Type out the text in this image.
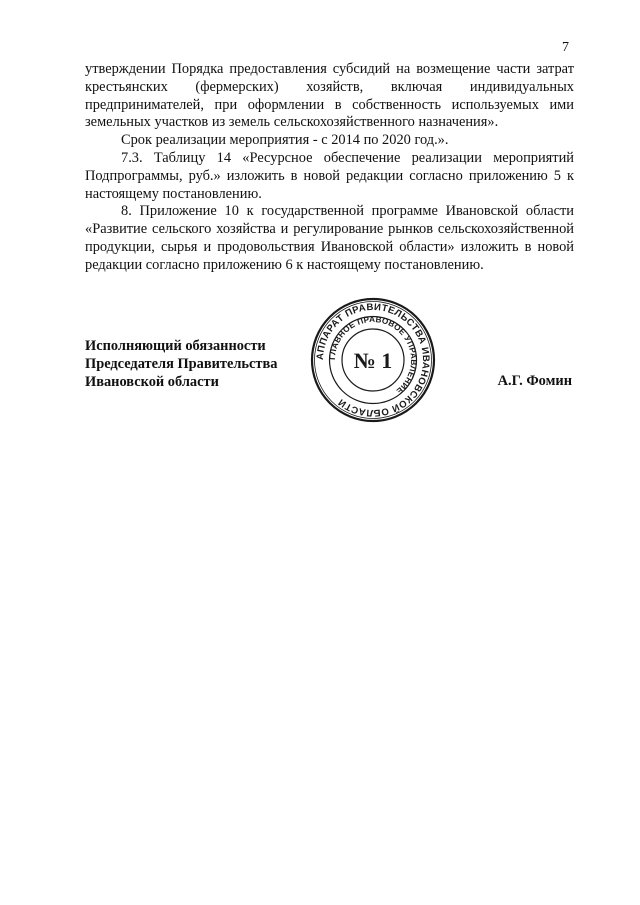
7

утверждении Порядка предоставления субсидий на возмещение части затрат крестьянских (фермерских) хозяйств, включая индивидуальных предпринимателей, при оформлении в собственность используемых ими земельных участков из земель сельскохозяйственного назначения».

Срок реализации мероприятия - с 2014 по 2020 год.».

7.3. Таблицу 14 «Ресурсное обеспечение реализации мероприятий Подпрограммы, руб.» изложить в новой редакции согласно приложению 5 к настоящему постановлению.

8. Приложение 10 к государственной программе Ивановской области «Развитие сельского хозяйства и регулирование рынков сельскохозяйственной продукции, сырья и продовольствия Ивановской области» изложить в новой редакции согласно приложению 6 к настоящему постановлению.

Исполняющий обязанности
Председателя Правительства
Ивановской области
АППАРАТ ПРАВИТЕЛЬСТВА ИВАНОВСКОЙ ОБЛАСТИ
ГЛАВНОЕ ПРАВОВОЕ УПРАВЛЕНИЕ
№ 1
А.Г. Фомин
